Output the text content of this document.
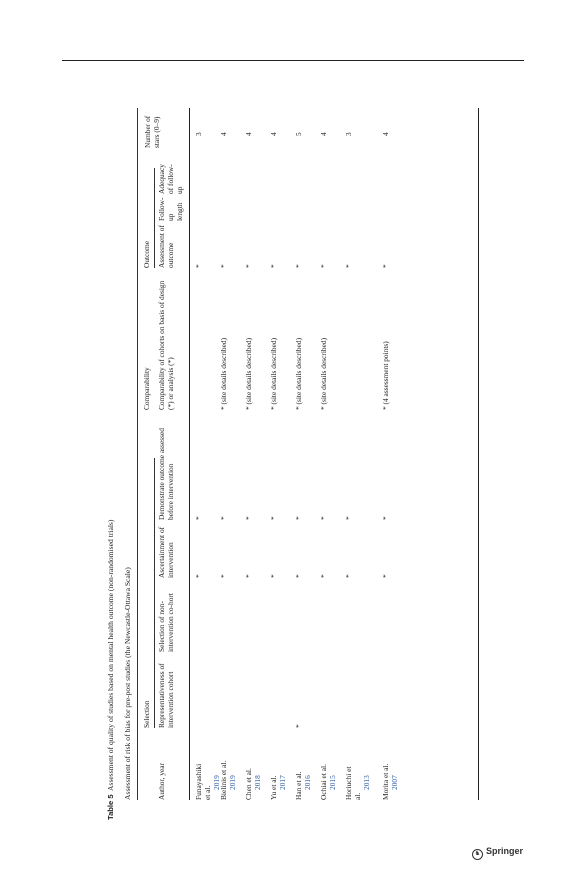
Table 5  Assessment of quality of studies based on mental health outcome (non-randomised trials) Assessment of risk of bias for pre-post studies (the Newcastle-Ottawa Scale) Selection
Comparability
Outcome
Author, year
Representativeness of intervention cohort
Selection of non-intervention co-hort
Ascertainment of intervention
Demonstrate outcome assessed before intervention
Comparability of cohorts on basis of design (*) or analysis (*)
Assessment of outcome
Follow-up length
Adequacy of follow-up
Number of stars (0–9)
Funayashiki et al.
2019
*
*
*
3
Bielinis et al. 2019
*
*
* (site details described)
*
4
Chen et al. 2018
*
*
* (site details described)
*
4
Yu et al. 2017
*
*
* (site details described)
*
4
Han et al. 2016
*
*
*
* (site details described)
*
5
Ochiai et al. 2015
*
*
* (site details described)
*
4
Horiuchi et al.
2013
*
*
*
3
Morita et al. 2007
*
*
* (4 assessment points)
*
4
♞ Springer
